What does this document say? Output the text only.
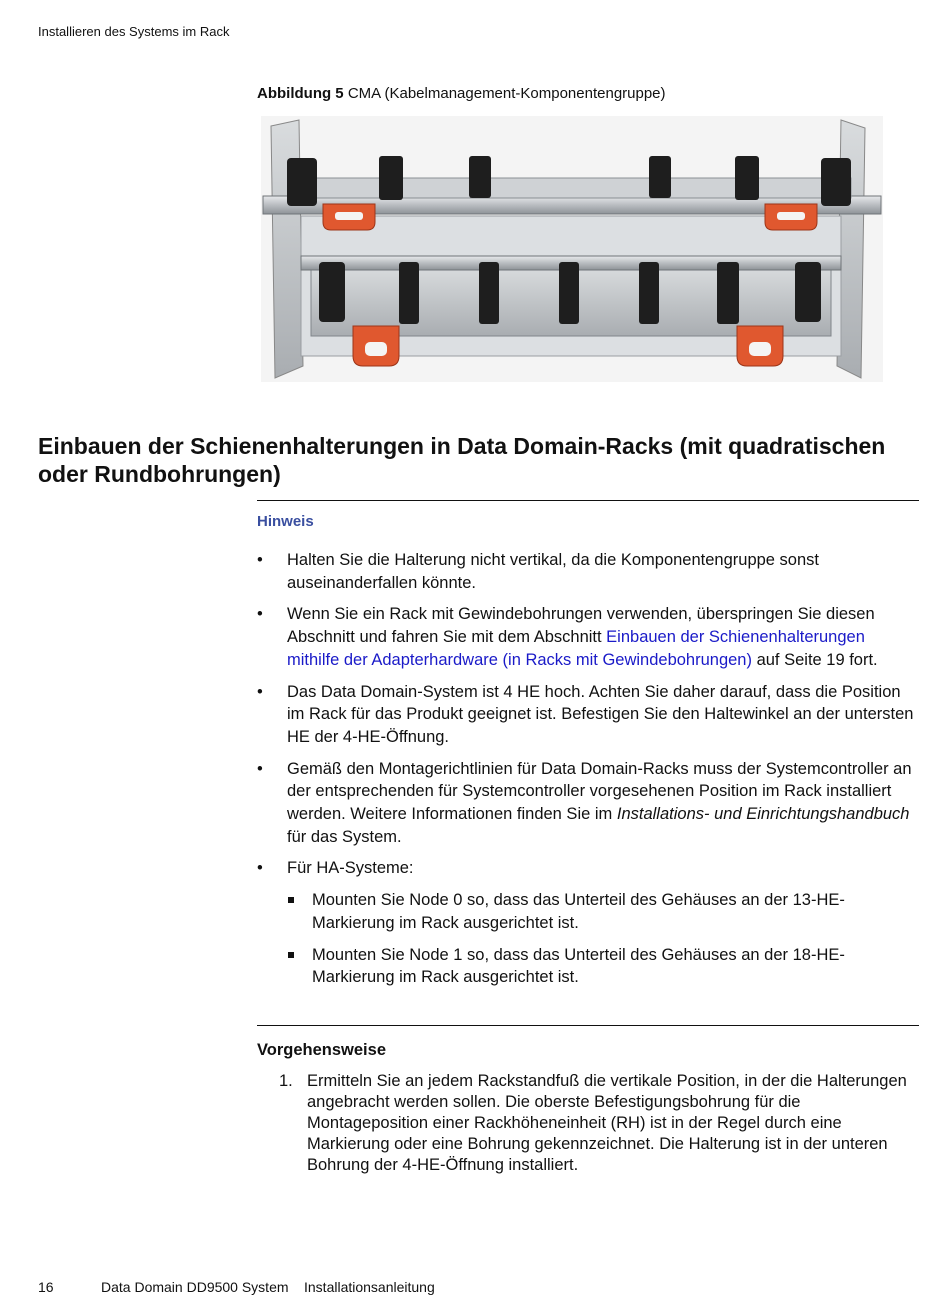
Installieren des Systems im Rack
Abbildung 5 CMA (Kabelmanagement-Komponentengruppe)
Einbauen der Schienenhalterungen in Data Domain-Racks (mit quadratischen oder Rundbohrungen)
Hinweis
• Halten Sie die Halterung nicht vertikal, da die Komponentengruppe sonst auseinanderfallen könnte.
• Wenn Sie ein Rack mit Gewindebohrungen verwenden, überspringen Sie diesen Abschnitt und fahren Sie mit dem Abschnitt Einbauen der Schienenhalterungen mithilfe der Adapterhardware (in Racks mit Gewindebohrungen) auf Seite 19 fort.
• Das Data Domain-System ist 4 HE hoch. Achten Sie daher darauf, dass die Position im Rack für das Produkt geeignet ist. Befestigen Sie den Haltewinkel an der untersten HE der 4-HE-Öffnung.
• Gemäß den Montagerichtlinien für Data Domain-Racks muss der Systemcontroller an der entsprechenden für Systemcontroller vorgesehenen Position im Rack installiert werden. Weitere Informationen finden Sie im Installations- und Einrichtungshandbuch für das System.
• Für HA-Systeme:
Mounten Sie Node 0 so, dass das Unterteil des Gehäuses an der 13-HE-Markierung im Rack ausgerichtet ist.
Mounten Sie Node 1 so, dass das Unterteil des Gehäuses an der 18-HE-Markierung im Rack ausgerichtet ist.
Vorgehensweise
1. Ermitteln Sie an jedem Rackstandfuß die vertikale Position, in der die Halterungen angebracht werden sollen. Die oberste Befestigungsbohrung für die Montageposition einer Rackhöheneinheit (RH) ist in der Regel durch eine Markierung oder eine Bohrung gekennzeichnet. Die Halterung ist in der unteren Bohrung der 4-HE-Öffnung installiert.
16	Data Domain DD9500 System Installationsanleitung
